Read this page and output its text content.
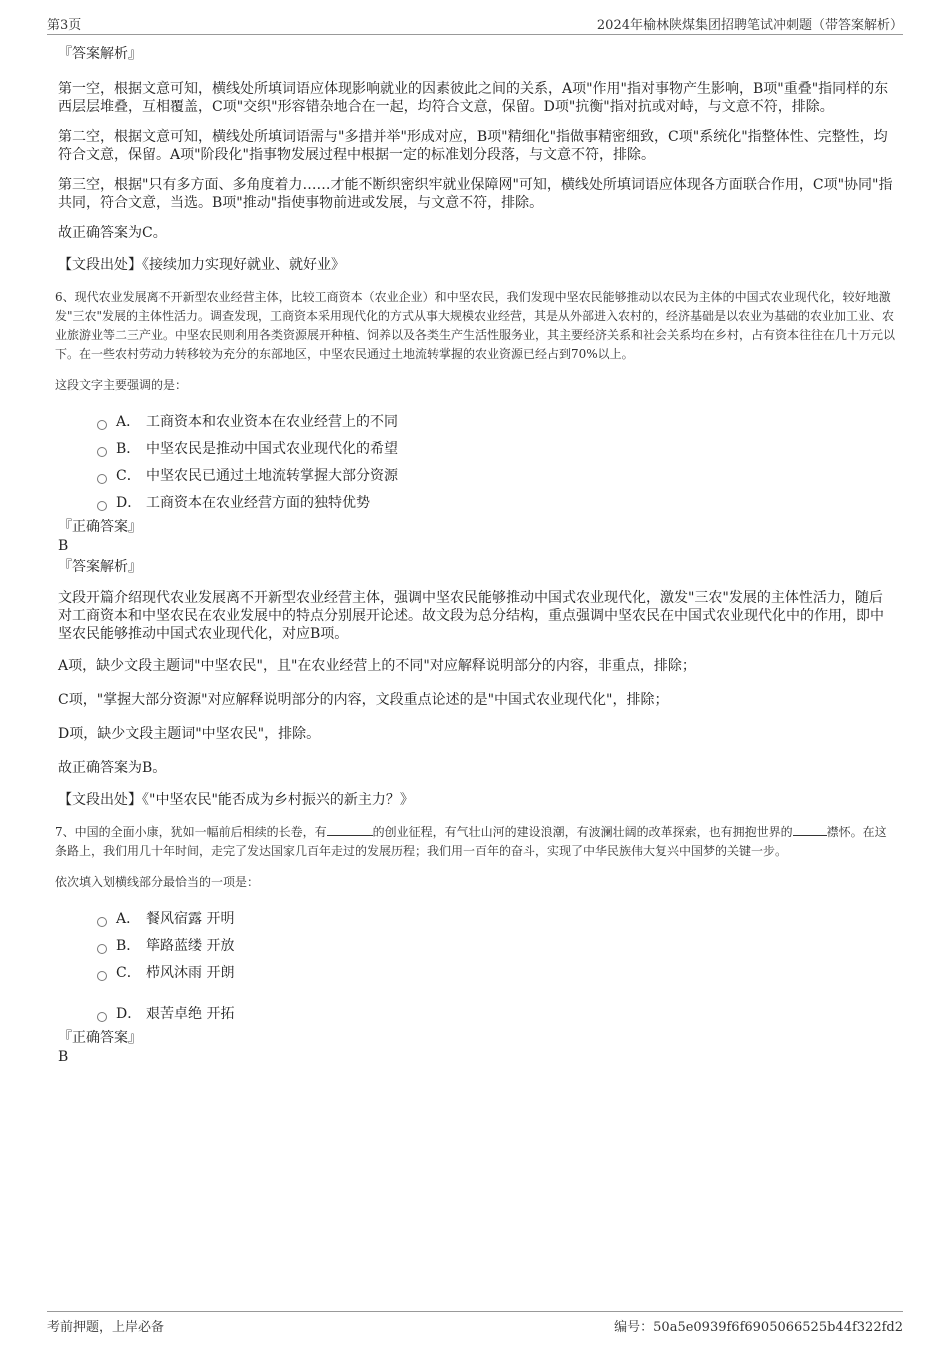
第3页	2024年榆林陕煤集团招聘笔试冲刺题（带答案解析）
『答案解析』
第一空，根据文意可知，横线处所填词语应体现影响就业的因素彼此之间的关系，A项"作用"指对事物产生影响，B项"重叠"指同样的东西层层堆叠，互相覆盖，C项"交织"形容错杂地合在一起，均符合文意，保留。D项"抗衡"指对抗或对峙，与文意不符，排除。
第二空，根据文意可知，横线处所填词语需与"多措并举"形成对应，B项"精细化"指做事精密细致，C项"系统化"指整体性、完整性，均符合文意，保留。A项"阶段化"指事物发展过程中根据一定的标准划分段落，与文意不符，排除。
第三空，根据"只有多方面、多角度着力……才能不断织密织牢就业保障网"可知，横线处所填词语应体现各方面联合作用，C项"协同"指共同，符合文意，当选。B项"推动"指使事物前进或发展，与文意不符，排除。
故正确答案为C。
【文段出处】《接续加力实现好就业、就好业》
6、现代农业发展离不开新型农业经营主体，比较工商资本（农业企业）和中坚农民，我们发现中坚农民能够推动以农民为主体的中国式农业现代化，较好地激发"三农"发展的主体性活力。调查发现，工商资本采用现代化的方式从事大规模农业经营，其是从外部进入农村的，经济基础是以农业为基础的农业加工业、农业旅游业等二三产业。中坚农民则利用各类资源展开种植、饲养以及各类生产生活性服务业，其主要经济关系和社会关系均在乡村，占有资本往往在几十万元以下。在一些农村劳动力转移较为充分的东部地区，中坚农民通过土地流转掌握的农业资源已经占到70%以上。
这段文字主要强调的是：
A． 工商资本和农业资本在农业经营上的不同
B． 中坚农民是推动中国式农业现代化的希望
C． 中坚农民已通过土地流转掌握大部分资源
D． 工商资本在农业经营方面的独特优势
『正确答案』
B
『答案解析』
文段开篇介绍现代农业发展离不开新型农业经营主体，强调中坚农民能够推动中国式农业现代化，激发"三农"发展的主体性活力，随后对工商资本和中坚农民在农业发展中的特点分别展开论述。故文段为总分结构，重点强调中坚农民在中国式农业现代化中的作用，即中坚农民能够推动中国式农业现代化，对应B项。
A项，缺少文段主题词"中坚农民"，且"在农业经营上的不同"对应解释说明部分的内容，非重点，排除；
C项，"掌握大部分资源"对应解释说明部分的内容，文段重点论述的是"中国式农业现代化"，排除；
D项，缺少文段主题词"中坚农民"，排除。
故正确答案为B。
【文段出处】《"中坚农民"能否成为乡村振兴的新主力？》
7、中国的全面小康，犹如一幅前后相续的长卷，有	的创业征程，有气壮山河的建设浪潮，有波澜壮阔的改革探索，也有拥抱世界的	襟怀。在这条路上，我们用几十年时间，走完了发达国家几百年走过的发展历程；我们用一百年的奋斗，实现了中华民族伟大复兴中国梦的关键一步。
依次填入划横线部分最恰当的一项是：
A． 餐风宿露 开明
B． 筚路蓝缕 开放
C． 栉风沐雨 开朗
D． 艰苦卓绝 开拓
『正确答案』
B
考前押题，上岸必备	编号：50a5e0939f6f6905066525b44f322fd2
